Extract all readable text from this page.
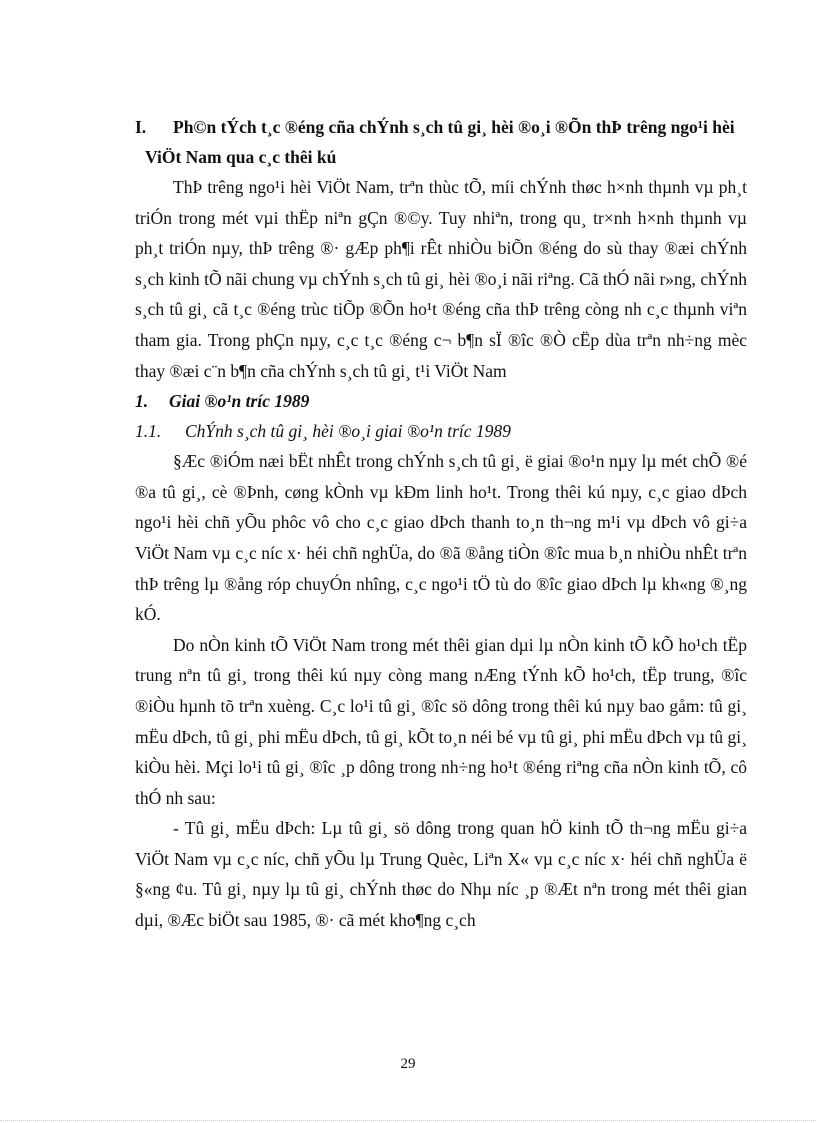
I. Ph©n tÝch t¸c ®éng cña chÝnh s¸ch tû gi¸ hèi ®o¸i ®Õn thÞ trêng ngo¹i hèi ViÖt Nam qua c¸c thêi kú

ThÞ trêng ngo¹i hèi ViÖt Nam, trªn thùc tÕ, míi chÝnh thøc h×nh thµnh vµ ph¸t triÓn trong mét vµi thËp niªn gÇn ®©y. Tuy nhiªn, trong qu¸ tr×nh h×nh thµnh vµ ph¸t triÓn nµy, thÞ trêng ®· gÆp ph¶i rÊt nhiÒu biÕn ®éng do sù thay ®æi chÝnh s¸ch kinh tÕ nãi chung vµ chÝnh s¸ch tû gi¸ hèi ®o¸i nãi riªng. Cã thÓ nãi r»ng, chÝnh s¸ch tû gi¸ cã t¸c ®éng trùc tiÕp ®Õn ho¹t ®éng cña thÞ trêng còng nh c¸c thµnh viªn tham gia. Trong phÇn nµy, c¸c t¸c ®éng c¬ b¶n sÏ ®îc ®Ò cËp dùa trªn nh÷ng mèc thay ®æi c¨n b¶n cña chÝnh s¸ch tû gi¸ t¹i ViÖt Nam

1. Giai ®o¹n tríc 1989

1.1. ChÝnh s¸ch tû gi¸ hèi ®o¸i giai ®o¹n tríc 1989

§Æc ®iÓm næi bËt nhÊt trong chÝnh s¸ch tû gi¸ ë giai ®o¹n nµy lµ mét chÕ ®é ®a tû gi¸, cè ®Þnh, cøng kÒnh vµ kÐm linh ho¹t. Trong thêi kú nµy, c¸c giao dÞch ngo¹i hèi chñ yÕu phôc vô cho c¸c giao dÞch thanh to¸n th¬ng m¹i vµ dÞch vô gi÷a ViÖt Nam vµ c¸c níc x· héi chñ nghÜa, do ®ã ®ång tiÒn ®îc mua b¸n nhiÒu nhÊt trªn thÞ trêng lµ ®ång róp chuyÓn nhîng, c¸c ngo¹i tÖ tù do ®îc giao dÞch lµ kh«ng ®¸ng kÓ.

Do nÒn kinh tÕ ViÖt Nam trong mét thêi gian dµi lµ nÒn kinh tÕ kÕ ho¹ch tËp trung nªn tû gi¸ trong thêi kú nµy còng mang nÆng tÝnh kÕ ho¹ch, tËp trung, ®îc ®iÒu hµnh tõ trªn xuèng. C¸c lo¹i tû gi¸ ®îc sö dông trong thêi kú nµy bao gåm: tû gi¸ mËu dÞch, tû gi¸ phi mËu dÞch, tû gi¸ kÕt to¸n néi bé vµ tû gi¸ phi mËu dÞch vµ tû gi¸ kiÒu hèi. Mçi lo¹i tû gi¸ ®îc ¸p dông trong nh÷ng ho¹t ®éng riªng cña nÒn kinh tÕ, cô thÓ nh sau:

- Tû gi¸ mËu dÞch: Lµ tû gi¸ sö dông trong quan hÖ kinh tÕ th¬ng mËu gi÷a ViÖt Nam vµ c¸c níc, chñ yÕu lµ Trung Quèc, Liªn X« vµ c¸c níc x· héi chñ nghÜa ë §«ng ¢u. Tû gi¸ nµy lµ tû gi¸ chÝnh thøc do Nhµ níc ¸p ®Æt nªn trong mét thêi gian dµi, ®Æc biÖt sau 1985, ®· cã mét kho¶ng c¸ch

29
